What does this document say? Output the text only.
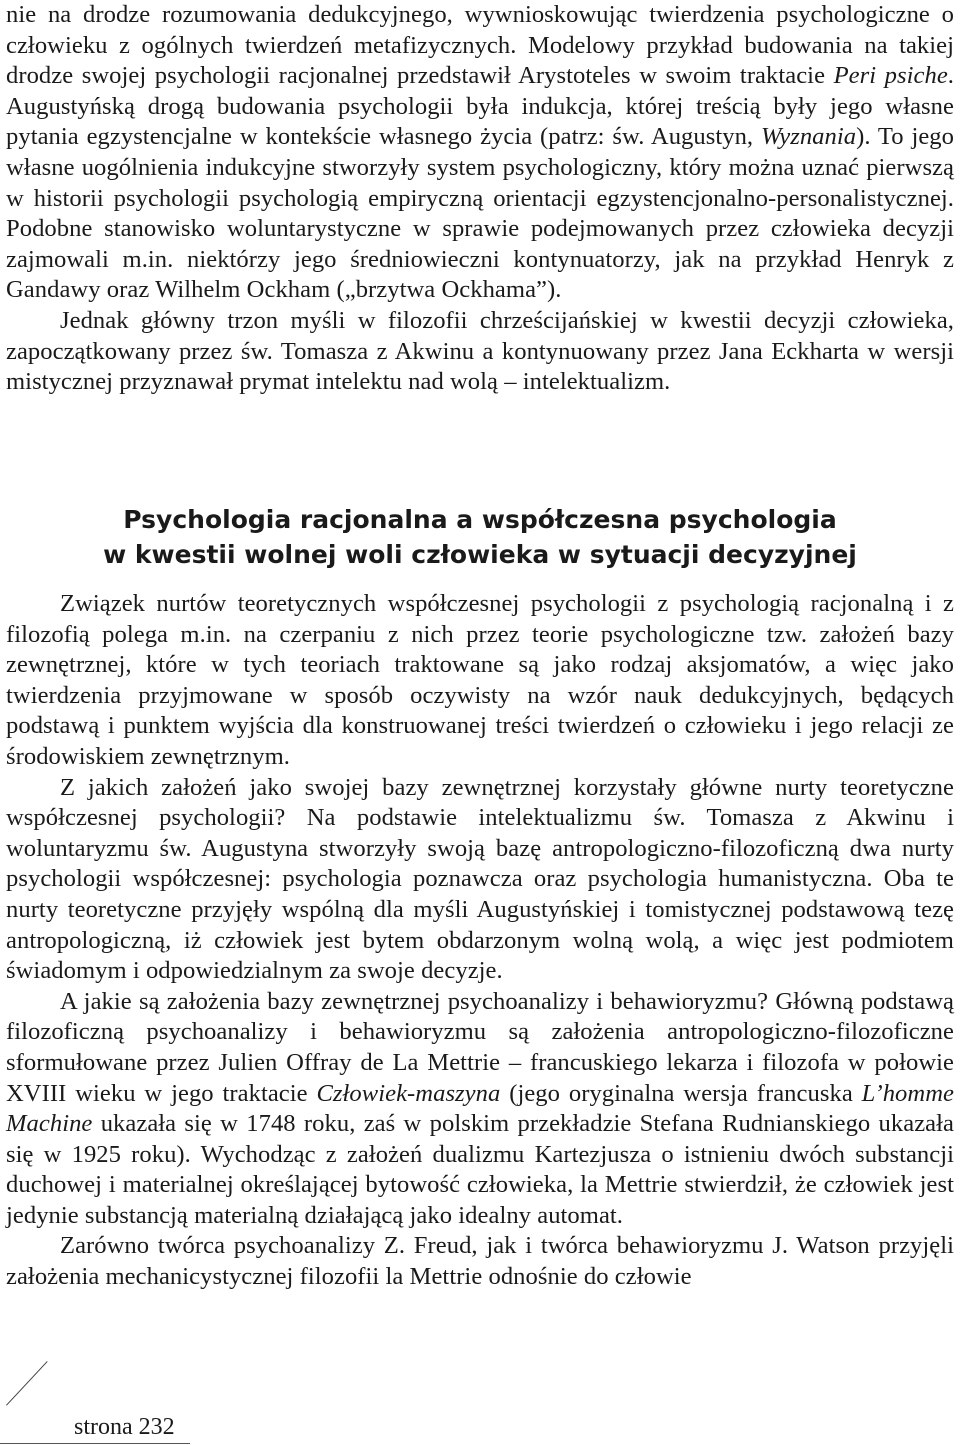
nie na drodze rozumowania dedukcyjnego, wywnioskowując twierdzenia psychologiczne o człowieku z ogólnych twierdzeń metafizycznych. Modelowy przykład budowania na takiej drodze swojej psychologii racjonalnej przedstawił Arystoteles w swoim traktacie Peri psiche. Augustyńską drogą budowania psychologii była indukcja, której treścią były jego własne pytania egzystencjalne w kontekście własnego życia (patrz: św. Augustyn, Wyznania). To jego własne uogólnienia indukcyjne stworzyły system psychologiczny, który można uznać pierwszą w historii psychologii psychologią empiryczną orientacji egzystencjonalno-personalistycznej. Podobne stanowisko woluntarystyczne w sprawie podejmowanych przez człowieka decyzji zajmowali m.in. niektórzy jego średniowieczni kontynuatorzy, jak na przykład Henryk z Gandawy oraz Wilhelm Ockham („brzytwa Ockhama”).

Jednak główny trzon myśli w filozofii chrześcijańskiej w kwestii decyzji człowieka, zapoczątkowany przez św. Tomasza z Akwinu a kontynuowany przez Jana Eckharta w wersji mistycznej przyznawał prymat intelektu nad wolą – intelektualizm.

Psychologia racjonalna a współczesna psychologia
w kwestii wolnej woli człowieka w sytuacji decyzyjnej

Związek nurtów teoretycznych współczesnej psychologii z psychologią racjonalną i z filozofią polega m.in. na czerpaniu z nich przez teorie psychologiczne tzw. założeń bazy zewnętrznej, które w tych teoriach traktowane są jako rodzaj aksjomatów, a więc jako twierdzenia przyjmowane w sposób oczywisty na wzór nauk dedukcyjnych, będących podstawą i punktem wyjścia dla konstruowanej treści twierdzeń o człowieku i jego relacji ze środowiskiem zewnętrznym.

Z jakich założeń jako swojej bazy zewnętrznej korzystały główne nurty teoretyczne współczesnej psychologii? Na podstawie intelektualizmu św. Tomasza z Akwinu i woluntaryzmu św. Augustyna stworzyły swoją bazę antropologiczno-filozoficzną dwa nurty psychologii współczesnej: psychologia poznawcza oraz psychologia humanistyczna. Oba te nurty teoretyczne przyjęły wspólną dla myśli Augustyńskiej i tomistycznej podstawową tezę antropologiczną, iż człowiek jest bytem obdarzonym wolną wolą, a więc jest podmiotem świadomym i odpowiedzialnym za swoje decyzje.

A jakie są założenia bazy zewnętrznej psychoanalizy i behawioryzmu? Główną podstawą filozoficzną psychoanalizy i behawioryzmu są założenia antropologiczno-filozoficzne sformułowane przez Julien Offray de La Mettrie – francuskiego lekarza i filozofa w połowie XVIII wieku w jego traktacie Człowiek-maszyna (jego oryginalna wersja francuska L’homme Machine ukazała się w 1748 roku, zaś w polskim przekładzie Stefana Rudnianskiego ukazała się w 1925 roku). Wychodząc z założeń dualizmu Kartezjusza o istnieniu dwóch substancji duchowej i materialnej określającej bytowość człowieka, la Mettrie stwierdził, że człowiek jest jedynie substancją materialną działającą jako idealny automat.

Zarówno twórca psychoanalizy Z. Freud, jak i twórca behawioryzmu J. Watson przyjęli założenia mechanicystycznej filozofii la Mettrie odnośnie do człowie

strona 232
